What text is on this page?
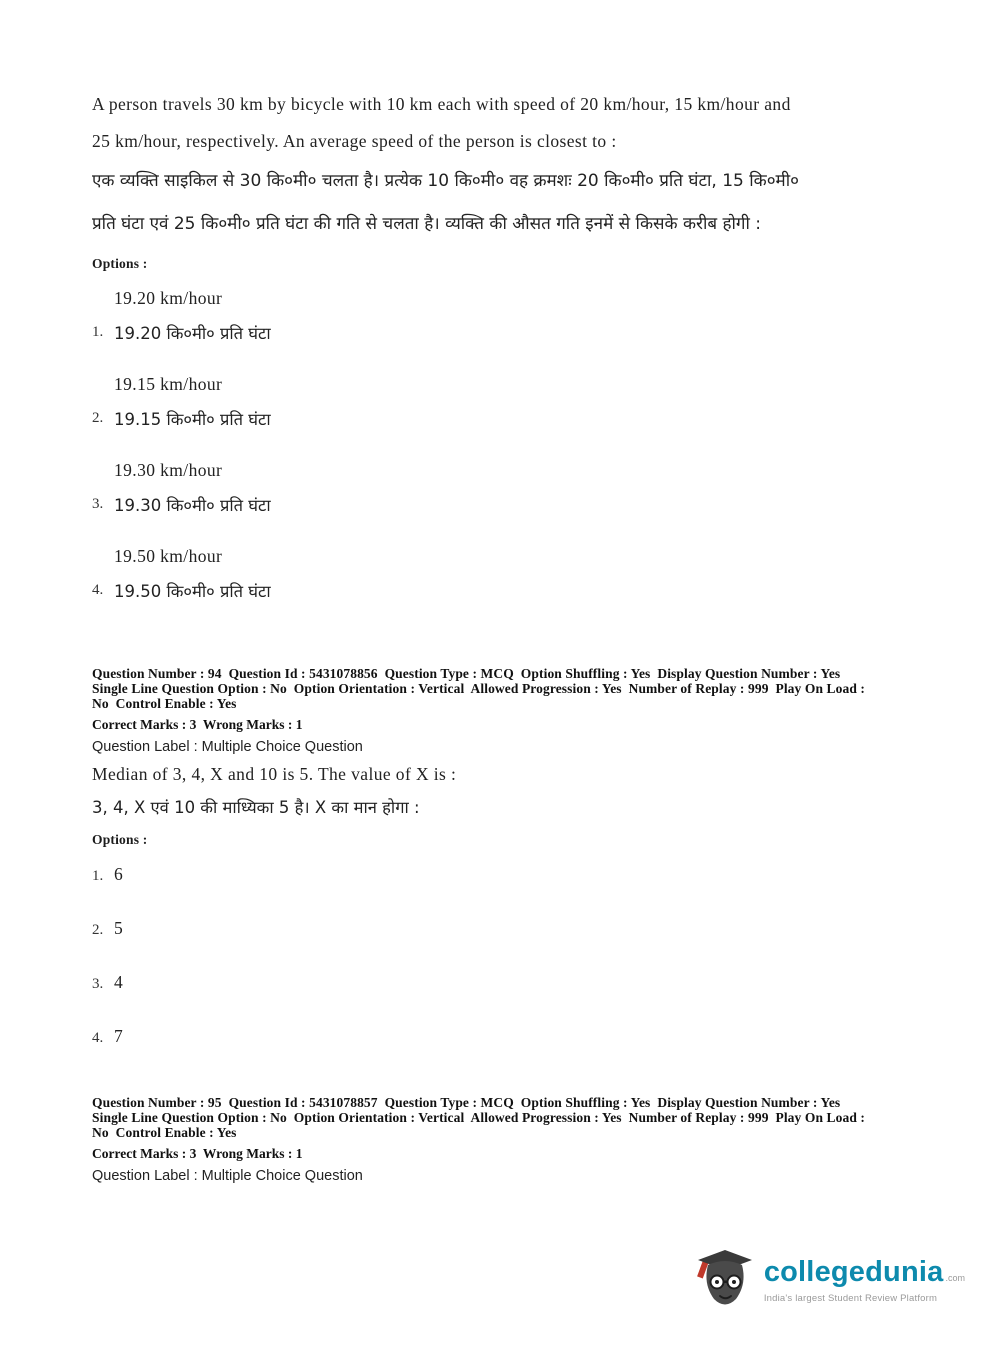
A person travels 30 km by bicycle with 10 km each with speed of 20 km/hour, 15 km/hour and 25 km/hour, respectively. An average speed of the person is closest to :

एक व्यक्ति साइकिल से 30 कि०मी० चलता है। प्रत्येक 10 कि०मी० वह क्रमशः 20 कि०मी० प्रति घंटा, 15 कि०मी० प्रति घंटा एवं 25 कि०मी० प्रति घंटा की गति से चलता है। व्यक्ति की औसत गति इनमें से किसके करीब होगी :

Options :
1.
19.20 km/hour
19.20 कि०मी० प्रति घंटा
2.
19.15 km/hour
19.15 कि०मी० प्रति घंटा
3.
19.30 km/hour
19.30 कि०मी० प्रति घंटा
4.
19.50 km/hour
19.50 कि०मी० प्रति घंटा
Question Number : 94  Question Id : 5431078856  Question Type : MCQ  Option Shuffling : Yes  Display Question Number : Yes
Single Line Question Option : No  Option Orientation : Vertical  Allowed Progression : Yes  Number of Replay : 999  Play On Load :
No  Control Enable : Yes
Correct Marks : 3  Wrong Marks : 1
Question Label : Multiple Choice Question

Median of 3, 4, X and 10 is 5. The value of X is :

3, 4, X एवं 10 की माध्यिका 5 है। X का मान होगा :

Options :
1. 6
2. 5
3. 4
4. 7
Question Number : 95  Question Id : 5431078857  Question Type : MCQ  Option Shuffling : Yes  Display Question Number : Yes
Single Line Question Option : No  Option Orientation : Vertical  Allowed Progression : Yes  Number of Replay : 999  Play On Load :
No  Control Enable : Yes
Correct Marks : 3  Wrong Marks : 1
Question Label : Multiple Choice Question
collegedunia .com
India's largest Student Review Platform
